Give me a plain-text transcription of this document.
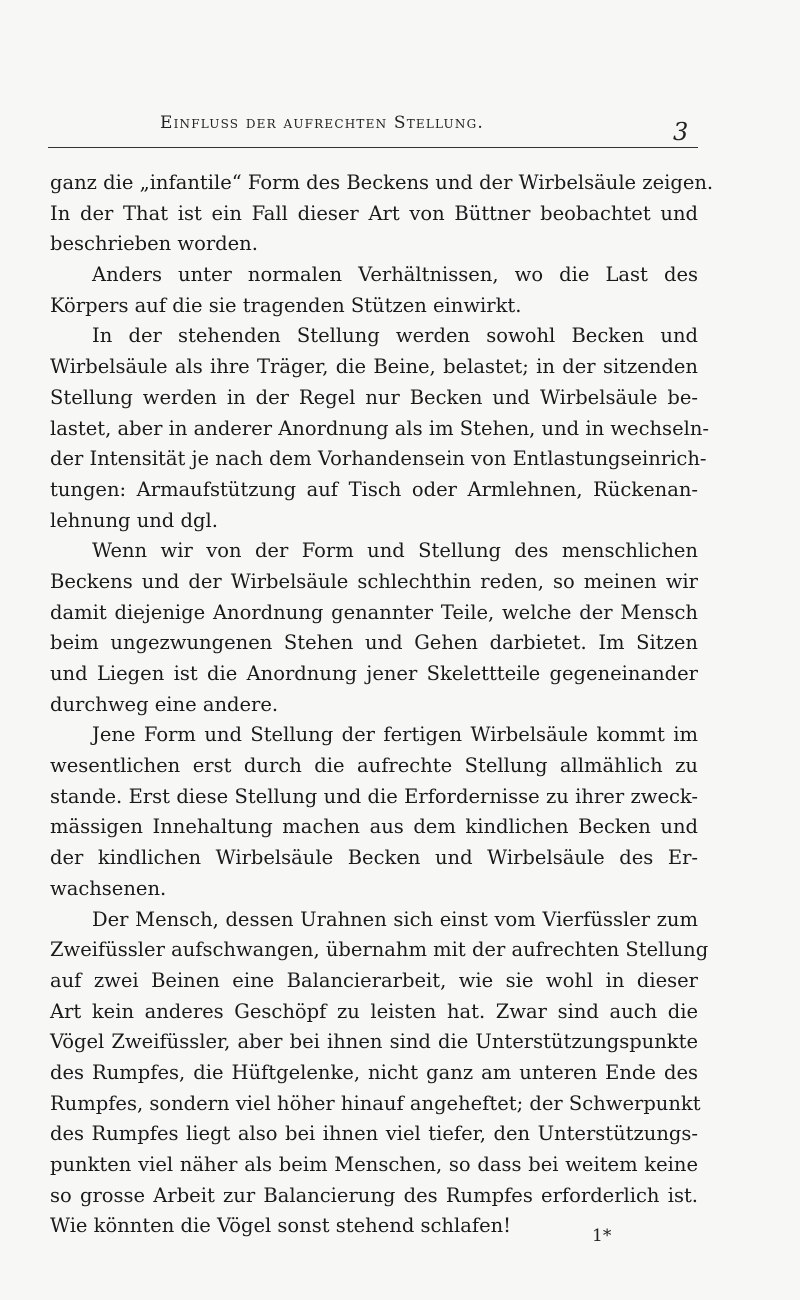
Einfluss der aufrechten Stellung.	3
ganz die „infantile“ Form des Beckens und der Wirbelsäule zeigen.
In der That ist ein Fall dieser Art von Büttner beobachtet und
beschrieben worden.
Anders unter normalen Verhältnissen, wo die Last des
Körpers auf die sie tragenden Stützen einwirkt.
In der stehenden Stellung werden sowohl Becken und
Wirbelsäule als ihre Träger, die Beine, belastet; in der sitzenden
Stellung werden in der Regel nur Becken und Wirbelsäule be-
lastet, aber in anderer Anordnung als im Stehen, und in wechseln-
der Intensität je nach dem Vorhandensein von Entlastungseinrich-
tungen: Armaufstützung auf Tisch oder Armlehnen, Rückenan-
lehnung und dgl.
Wenn wir von der Form und Stellung des menschlichen
Beckens und der Wirbelsäule schlechthin reden, so meinen wir
damit diejenige Anordnung genannter Teile, welche der Mensch
beim ungezwungenen Stehen und Gehen darbietet. Im Sitzen
und Liegen ist die Anordnung jener Skelettteile gegeneinander
durchweg eine andere.
Jene Form und Stellung der fertigen Wirbelsäule kommt im
wesentlichen erst durch die aufrechte Stellung allmählich zu
stande. Erst diese Stellung und die Erfordernisse zu ihrer zweck-
mässigen Innehaltung machen aus dem kindlichen Becken und
der kindlichen Wirbelsäule Becken und Wirbelsäule des Er-
wachsenen.
Der Mensch, dessen Urahnen sich einst vom Vierfüssler zum
Zweifüssler aufschwangen, übernahm mit der aufrechten Stellung
auf zwei Beinen eine Balancierarbeit, wie sie wohl in dieser
Art kein anderes Geschöpf zu leisten hat. Zwar sind auch die
Vögel Zweifüssler, aber bei ihnen sind die Unterstützungspunkte
des Rumpfes, die Hüftgelenke, nicht ganz am unteren Ende des
Rumpfes, sondern viel höher hinauf angeheftet; der Schwerpunkt
des Rumpfes liegt also bei ihnen viel tiefer, den Unterstützungs-
punkten viel näher als beim Menschen, so dass bei weitem keine
so grosse Arbeit zur Balancierung des Rumpfes erforderlich ist.
Wie könnten die Vögel sonst stehend schlafen!	1*
